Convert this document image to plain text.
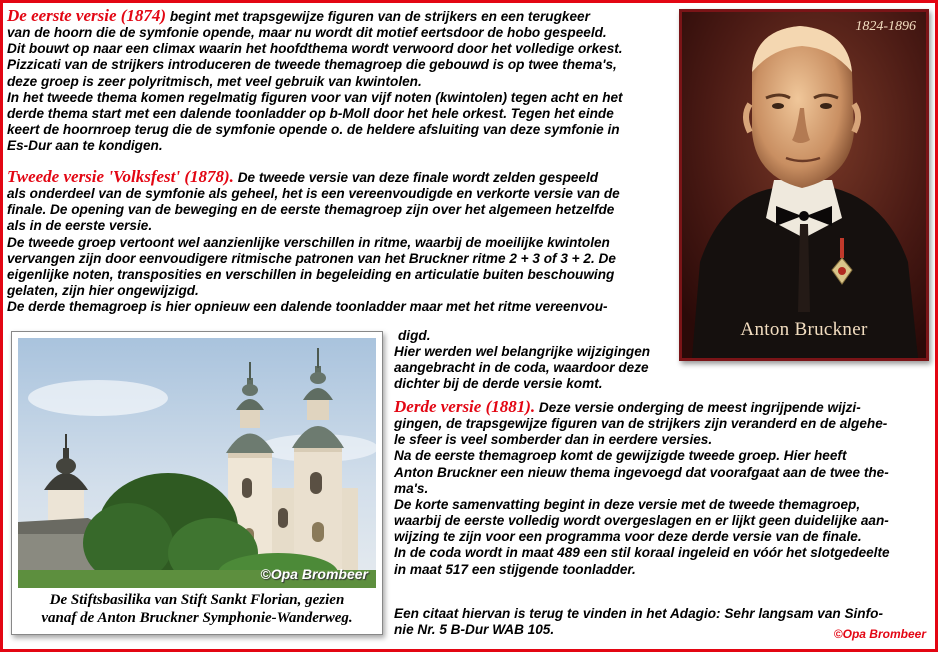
De eerste versie (1874) begint met trapsgewijze figuren van de strijkers en een terugkeer
van de hoorn die de symfonie opende, maar nu wordt dit motief eertsdoor de hobo gespeeld.
Dit bouwt op naar een climax waarin het hoofdthema wordt verwoord door het volledige orkest.
Pizzicati van de strijkers introduceren de tweede themagroep die gebouwd is op twee thema's,
deze groep is zeer polyritmisch, met veel gebruik van kwintolen.
In het tweede thema komen regelmatig figuren voor van vijf noten (kwintolen) tegen acht en het
derde thema start met een dalende toonladder op b-Moll door het hele orkest. Tegen het einde
keert de hoornroep terug die de symfonie opende o. de heldere afsluiting van deze symfonie in
Es-Dur aan te kondigen.
Tweede versie 'Volksfest' (1878). De tweede versie van deze finale wordt zelden gespeeld
als onderdeel van de symfonie als geheel, het is een vereenvoudigde en verkorte versie van de
finale. De opening van de beweging en de eerste themagroep zijn over het algemeen hetzelfde
als in de eerste versie.
De tweede groep vertoont wel aanzienlijke verschillen in ritme, waarbij de moeilijke kwintolen
vervangen zijn door eenvoudigere ritmische patronen van het Bruckner ritme 2 + 3 of 3 + 2. De
eigenlijke noten, transposities en verschillen in begeleiding en articulatie buiten beschouwing
gelaten, zijn hier ongewijzigd.
De derde themagroep is hier opnieuw een dalende toonladder maar met het ritme vereenvou-
digd.
Hier werden wel belangrijke wijzigingen
aangebracht in de coda, waardoor deze
dichter bij de derde versie komt.
Derde versie (1881). Deze versie onderging de meest ingrijpende wijzi-
gingen, de trapsgewijze figuren van de strijkers zijn veranderd en de algehe-
le sfeer is veel somberder dan in eerdere versies.
Na de eerste themagroep komt de gewijzigde tweede groep. Hier heeft
Anton Bruckner een nieuw thema ingevoegd dat voorafgaat aan de twee the-
ma's.
De korte samenvatting begint in deze versie met de tweede themagroep,
waarbij de eerste volledig wordt overgeslagen en er lijkt geen duidelijke aan-
wijzing te zijn voor een programma voor deze derde versie van de finale.
In de coda wordt in maat 489 een stil koraal ingeleid en vóór het slotgedeelte
in maat 517 een stijgende toonladder.
Een citaat hiervan is terug te vinden in het Adagio: Sehr langsam van Sinfo-
nie Nr. 5 B-Dur WAB 105.
1824-1896
Anton Bruckner
©Opa Brombeer
De Stiftsbasilika van Stift Sankt Florian, gezien
vanaf de Anton Bruckner Symphonie-Wanderweg.
©Opa Brombeer
